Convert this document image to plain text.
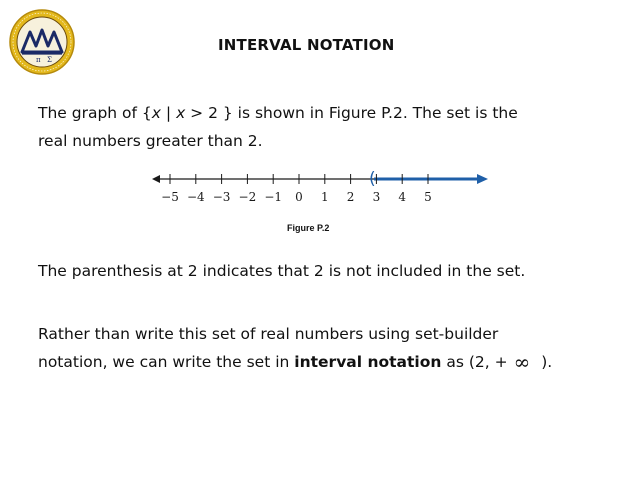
π Σ
INTERVAL NOTATION
The graph of {x | x > 2 } is shown in Figure P.2. The set is the
real numbers greater than 2.
(
−5 −4 −3 −2 −1 0 1 2 3 4 5
Figure P.2
The parenthesis at 2 indicates that 2 is not included in the set.
Rather than write this set of real numbers using set-builder
notation, we can write the set in interval notation as (2, + ∞ ).
